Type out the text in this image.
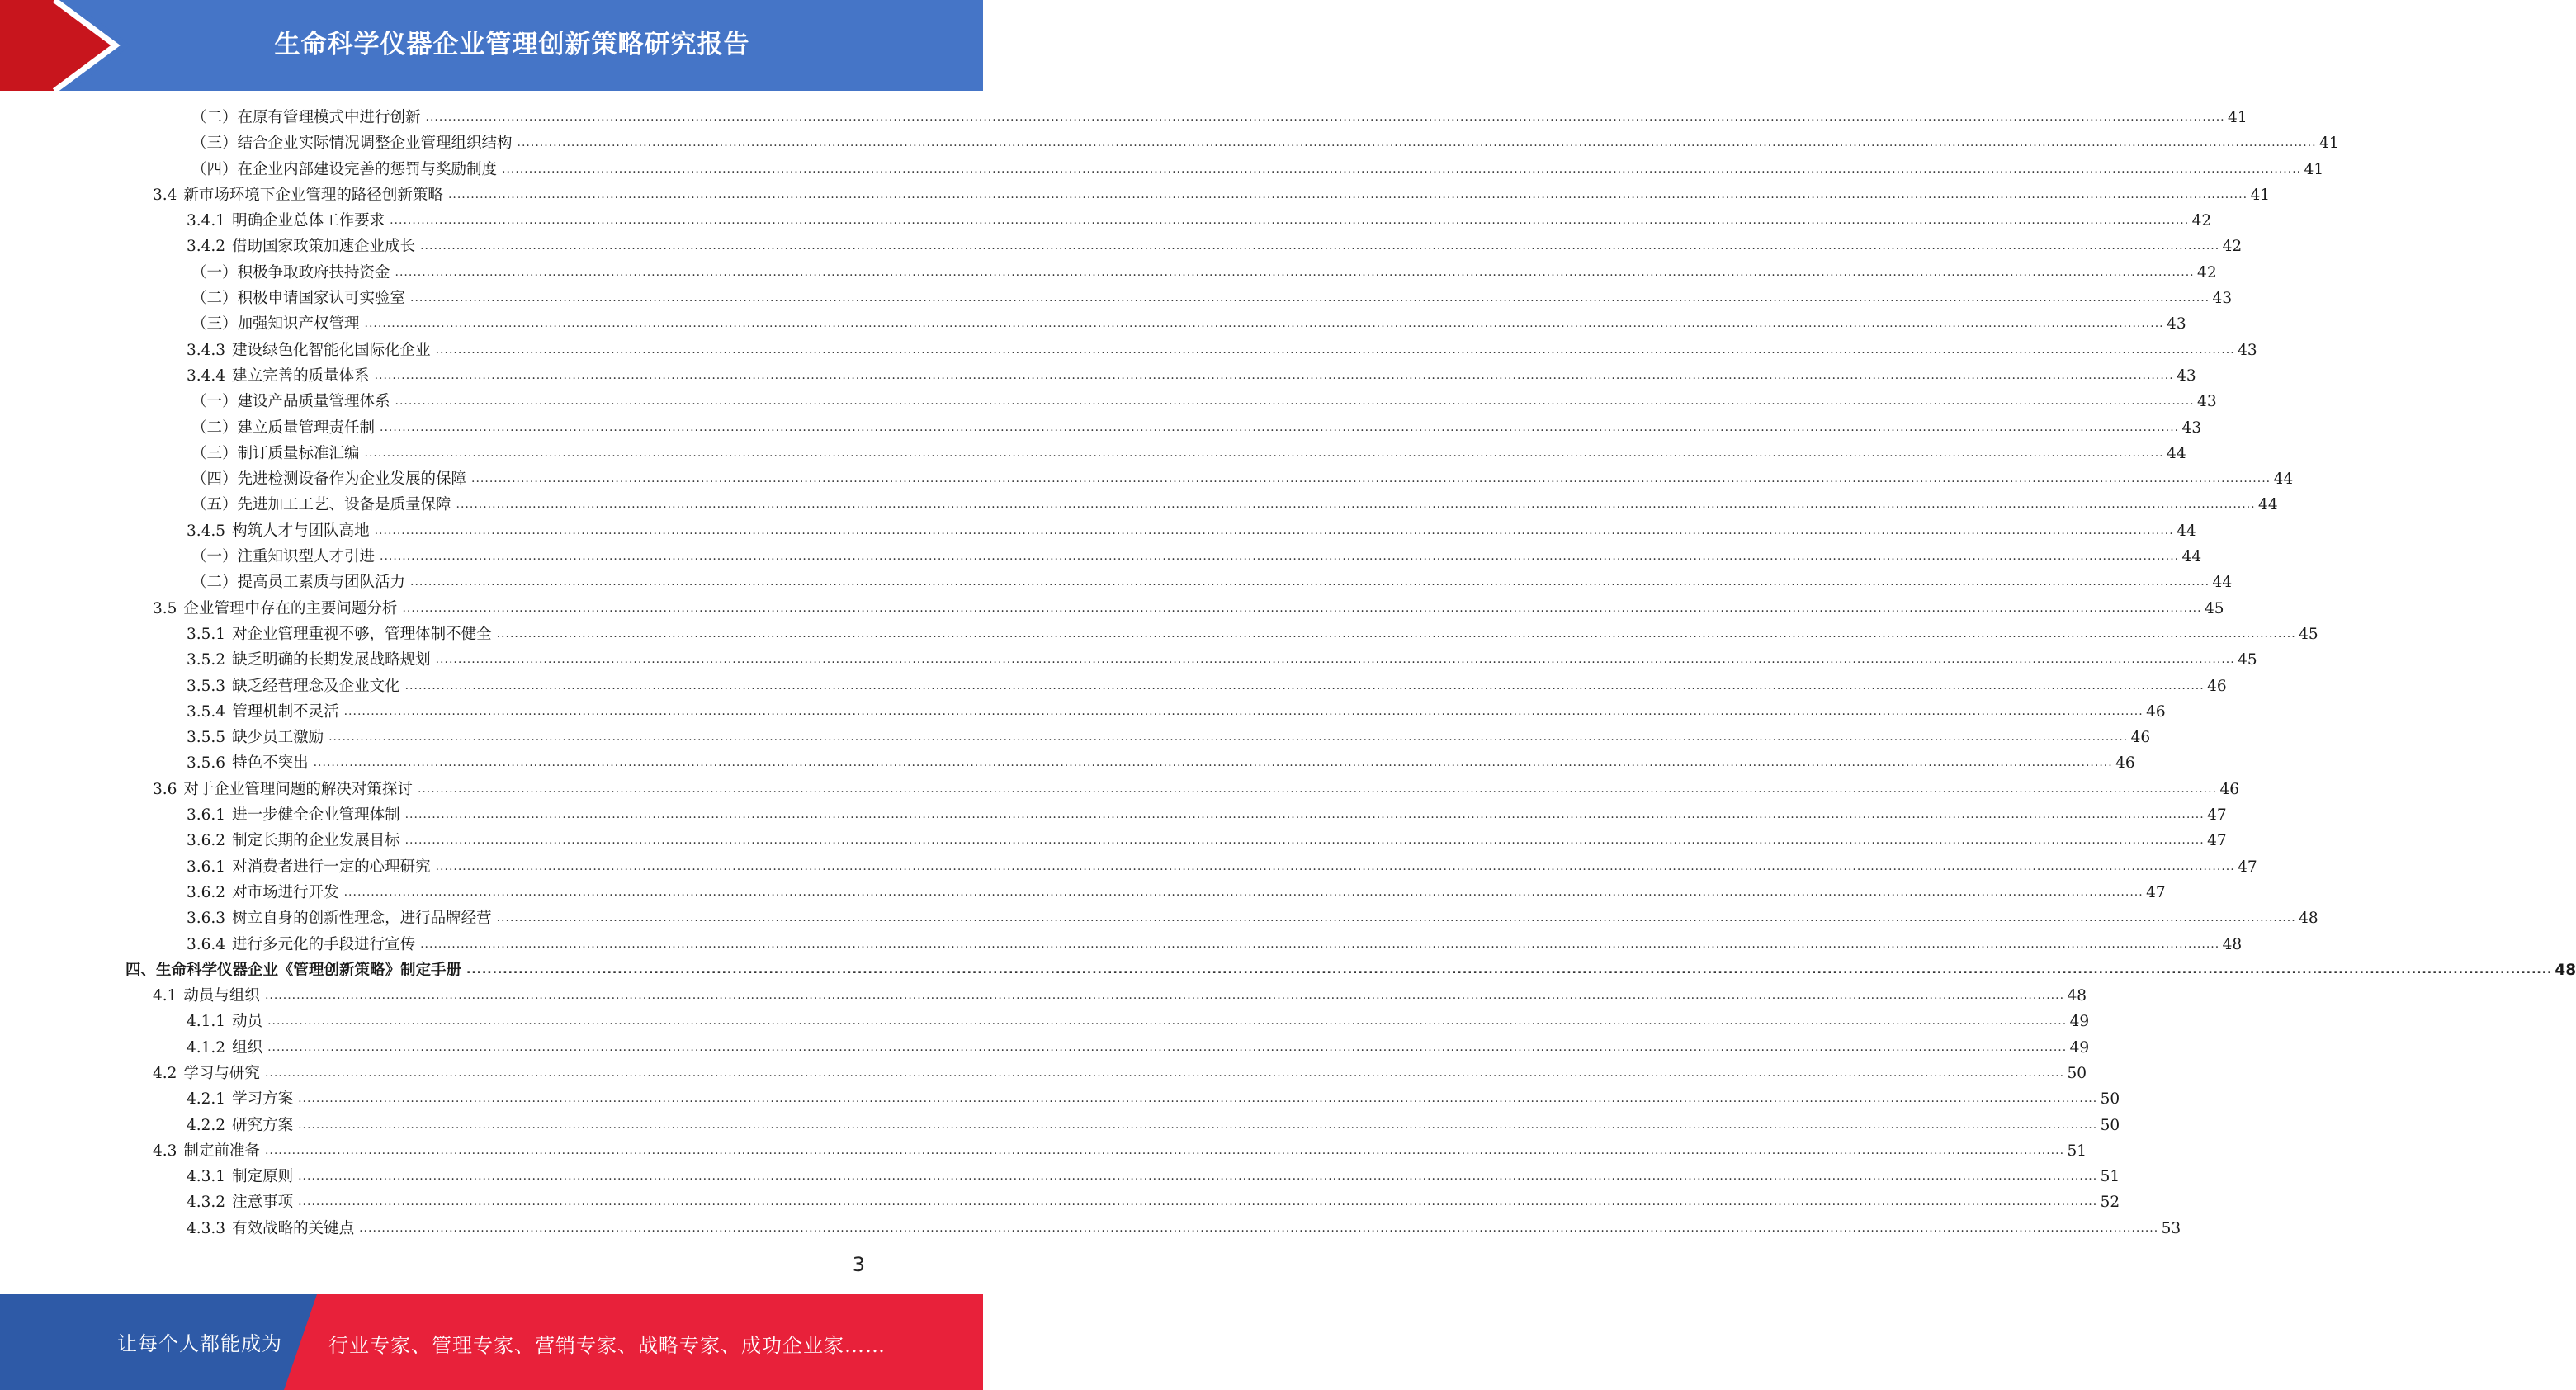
生命科学仪器企业管理创新策略研究报告
（二）在原有管理模式中进行创新 ................................................................................................................................................................................................................................................................................................................................................................................................................ 41
（三）结合企业实际情况调整企业管理组织结构 ................................................................................................................................................................................................................................................................................................................................................................................................................ 41
（四）在企业内部建设完善的惩罚与奖励制度 ................................................................................................................................................................................................................................................................................................................................................................................................................ 41
3.4 新市场环境下企业管理的路径创新策略 ................................................................................................................................................................................................................................................................................................................................................................................................................ 41
3.4.1 明确企业总体工作要求 ................................................................................................................................................................................................................................................................................................................................................................................................................ 42
3.4.2 借助国家政策加速企业成长 ................................................................................................................................................................................................................................................................................................................................................................................................................ 42
（一）积极争取政府扶持资金 ................................................................................................................................................................................................................................................................................................................................................................................................................ 42
（二）积极申请国家认可实验室 ................................................................................................................................................................................................................................................................................................................................................................................................................ 43
（三）加强知识产权管理 ................................................................................................................................................................................................................................................................................................................................................................................................................ 43
3.4.3 建设绿色化智能化国际化企业 ................................................................................................................................................................................................................................................................................................................................................................................................................ 43
3.4.4 建立完善的质量体系 ................................................................................................................................................................................................................................................................................................................................................................................................................ 43
（一）建设产品质量管理体系 ................................................................................................................................................................................................................................................................................................................................................................................................................ 43
（二）建立质量管理责任制 ................................................................................................................................................................................................................................................................................................................................................................................................................ 43
（三）制订质量标准汇编 ................................................................................................................................................................................................................................................................................................................................................................................................................ 44
（四）先进检测设备作为企业发展的保障 ................................................................................................................................................................................................................................................................................................................................................................................................................ 44
（五）先进加工工艺、设备是质量保障 ................................................................................................................................................................................................................................................................................................................................................................................................................ 44
3.4.5 构筑人才与团队高地 ................................................................................................................................................................................................................................................................................................................................................................................................................ 44
（一）注重知识型人才引进 ................................................................................................................................................................................................................................................................................................................................................................................................................ 44
（二）提高员工素质与团队活力 ................................................................................................................................................................................................................................................................................................................................................................................................................ 44
3.5 企业管理中存在的主要问题分析 ................................................................................................................................................................................................................................................................................................................................................................................................................ 45
3.5.1 对企业管理重视不够，管理体制不健全 ................................................................................................................................................................................................................................................................................................................................................................................................................ 45
3.5.2 缺乏明确的长期发展战略规划 ................................................................................................................................................................................................................................................................................................................................................................................................................ 45
3.5.3 缺乏经营理念及企业文化 ................................................................................................................................................................................................................................................................................................................................................................................................................ 46
3.5.4 管理机制不灵活 ................................................................................................................................................................................................................................................................................................................................................................................................................ 46
3.5.5 缺少员工激励 ................................................................................................................................................................................................................................................................................................................................................................................................................ 46
3.5.6 特色不突出 ................................................................................................................................................................................................................................................................................................................................................................................................................ 46
3.6 对于企业管理问题的解决对策探讨 ................................................................................................................................................................................................................................................................................................................................................................................................................ 46
3.6.1 进一步健全企业管理体制 ................................................................................................................................................................................................................................................................................................................................................................................................................ 47
3.6.2 制定长期的企业发展目标 ................................................................................................................................................................................................................................................................................................................................................................................................................ 47
3.6.1 对消费者进行一定的心理研究 ................................................................................................................................................................................................................................................................................................................................................................................................................ 47
3.6.2 对市场进行开发 ................................................................................................................................................................................................................................................................................................................................................................................................................ 47
3.6.3 树立自身的创新性理念，进行品牌经营 ................................................................................................................................................................................................................................................................................................................................................................................................................ 48
3.6.4 进行多元化的手段进行宣传 ................................................................................................................................................................................................................................................................................................................................................................................................................ 48
四、生命科学仪器企业《管理创新策略》制定手册 ................................................................................................................................................................................................................................................................................................................................................................................................................ 48
4.1 动员与组织 ................................................................................................................................................................................................................................................................................................................................................................................................................ 48
4.1.1 动员 ................................................................................................................................................................................................................................................................................................................................................................................................................ 49
4.1.2 组织 ................................................................................................................................................................................................................................................................................................................................................................................................................ 49
4.2 学习与研究 ................................................................................................................................................................................................................................................................................................................................................................................................................ 50
4.2.1 学习方案 ................................................................................................................................................................................................................................................................................................................................................................................................................ 50
4.2.2 研究方案 ................................................................................................................................................................................................................................................................................................................................................................................................................ 50
4.3 制定前准备 ................................................................................................................................................................................................................................................................................................................................................................................................................ 51
4.3.1 制定原则 ................................................................................................................................................................................................................................................................................................................................................................................................................ 51
4.3.2 注意事项 ................................................................................................................................................................................................................................................................................................................................................................................................................ 52
4.3.3 有效战略的关键点 ................................................................................................................................................................................................................................................................................................................................................................................................................ 53
3
让每个人都能成为 行业专家、管理专家、营销专家、战略专家、成功企业家……
